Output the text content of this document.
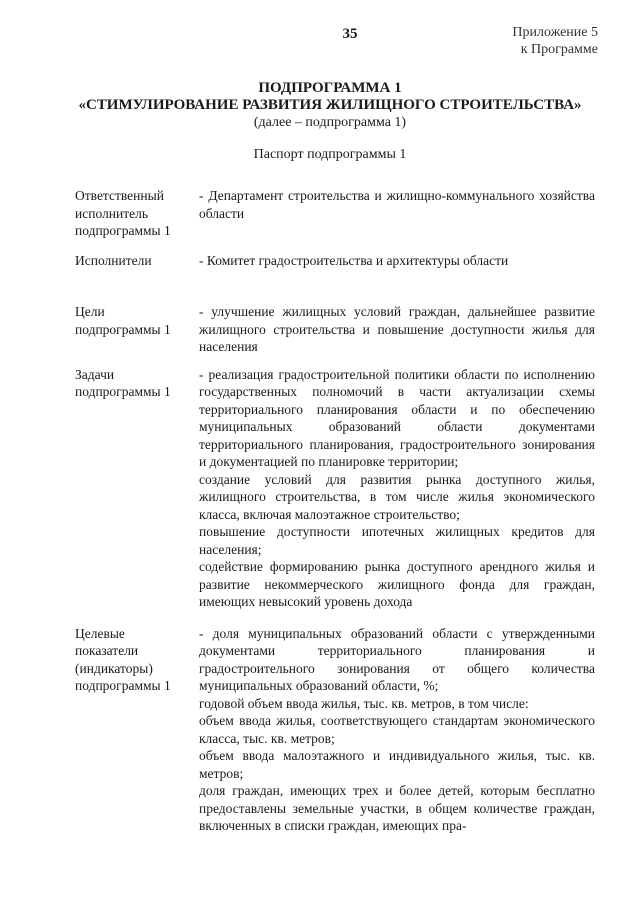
35	Приложение 5
к Программе

ПОДПРОГРАММА 1

«СТИМУЛИРОВАНИЕ РАЗВИТИЯ ЖИЛИЩНОГО СТРОИТЕЛЬСТВА»

(далее – подпрограмма 1)

Паспорт подпрограммы 1
Ответственный
исполнитель
подпрограммы 1

- Департамент строительства и жилищно-коммунального хозяйства области

Исполнители	- Комитет градостроительства и архитектуры области

Цели
подпрограммы 1

- улучшение жилищных условий граждан, дальнейшее развитие жилищного строительства и повышение доступности жилья для населения

Задачи
подпрограммы 1

- реализация градостроительной политики области по исполнению государственных полномочий в части актуализации схемы территориального планирования области и по обеспечению муниципальных образований области документами территориального планирования, градостроительного зонирования и документацией по планировке территории;

создание условий для развития рынка доступного жилья, жилищного строительства, в том числе жилья экономического класса, включая малоэтажное строительство;

повышение доступности ипотечных жилищных кредитов для населения;

содействие формированию рынка доступного арендного жилья и развитие некоммерческого жилищного фонда для граждан, имеющих невысокий уровень дохода

Целевые
показатели
(индикаторы)
подпрограммы 1

- доля муниципальных образований области с утвержденными документами территориального планирования и градостроительного зонирования от общего количества муниципальных образований области, %;

годовой объем ввода жилья, тыс. кв. метров, в том числе:

объем ввода жилья, соответствующего стандартам экономического класса, тыс. кв. метров;

объем ввода малоэтажного и индивидуального жилья, тыс. кв. метров;

доля граждан, имеющих трех и более детей, которым бесплатно предоставлены земельные участки, в общем количестве граждан, включенных в списки граждан, имеющих пра-
